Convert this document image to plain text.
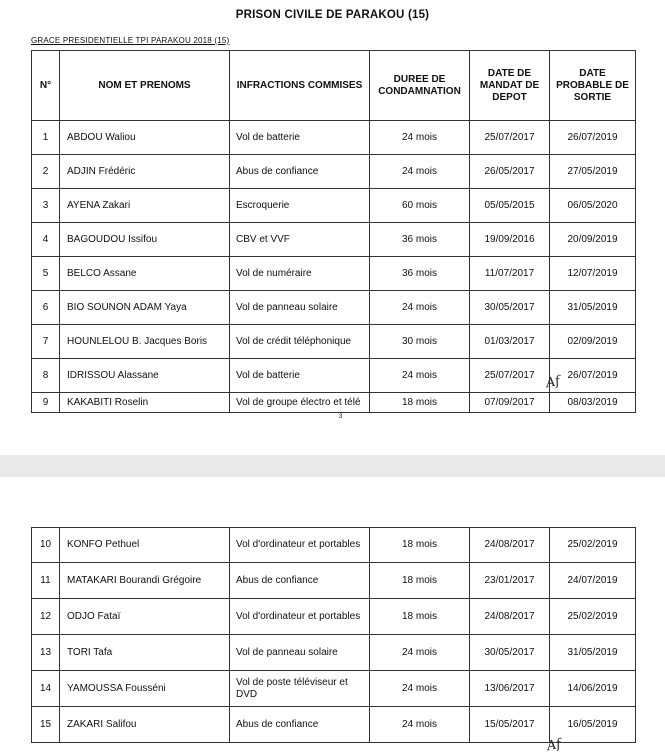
PRISON CIVILE DE PARAKOU (15)
GRACE PRESIDENTIELLE TPI PARAKOU 2018 (15)
N°	NOM ET PRENOMS	INFRACTIONS COMMISES	DUREE DE CONDAMNATION	DATE DE MANDAT DE DEPOT	DATE PROBABLE DE SORTIE
1	ABDOU Waliou	Vol de batterie	24 mois	25/07/2017	26/07/2019
2	ADJIN Frédéric	Abus de confiance	24 mois	26/05/2017	27/05/2019
3	AYENA Zakari	Escroquerie	60 mois	05/05/2015	06/05/2020
4	BAGOUDOU Issifou	CBV et VVF	36 mois	19/09/2016	20/09/2019
5	BELCO Assane	Vol de numéraire	36 mois	11/07/2017	12/07/2019
6	BIO SOUNON ADAM Yaya	Vol de panneau solaire	24 mois	30/05/2017	31/05/2019
7	HOUNLELOU B. Jacques Boris	Vol de crédit téléphonique	30 mois	01/03/2017	02/09/2019
8	IDRISSOU Alassane	Vol de batterie	24 mois	25/07/2017	26/07/2019
9	KAKABITI Roselin	Vol de groupe électro et télé	18 mois	07/09/2017	08/03/2019
Af
3
10	KONFO Pethuel	Vol d'ordinateur et portables	18 mois	24/08/2017	25/02/2019
11	MATAKARI Bourandi Grégoire	Abus de confiance	18 mois	23/01/2017	24/07/2019
12	ODJO Fataï	Vol d'ordinateur et portables	18 mois	24/08/2017	25/02/2019
13	TORI Tafa	Vol de panneau solaire	24 mois	30/05/2017	31/05/2019
14	YAMOUSSA Fousséni	Vol de poste téléviseur et DVD	24 mois	13/06/2017	14/06/2019
15	ZAKARI Salifou	Abus de confiance	24 mois	15/05/2017	16/05/2019
Af
